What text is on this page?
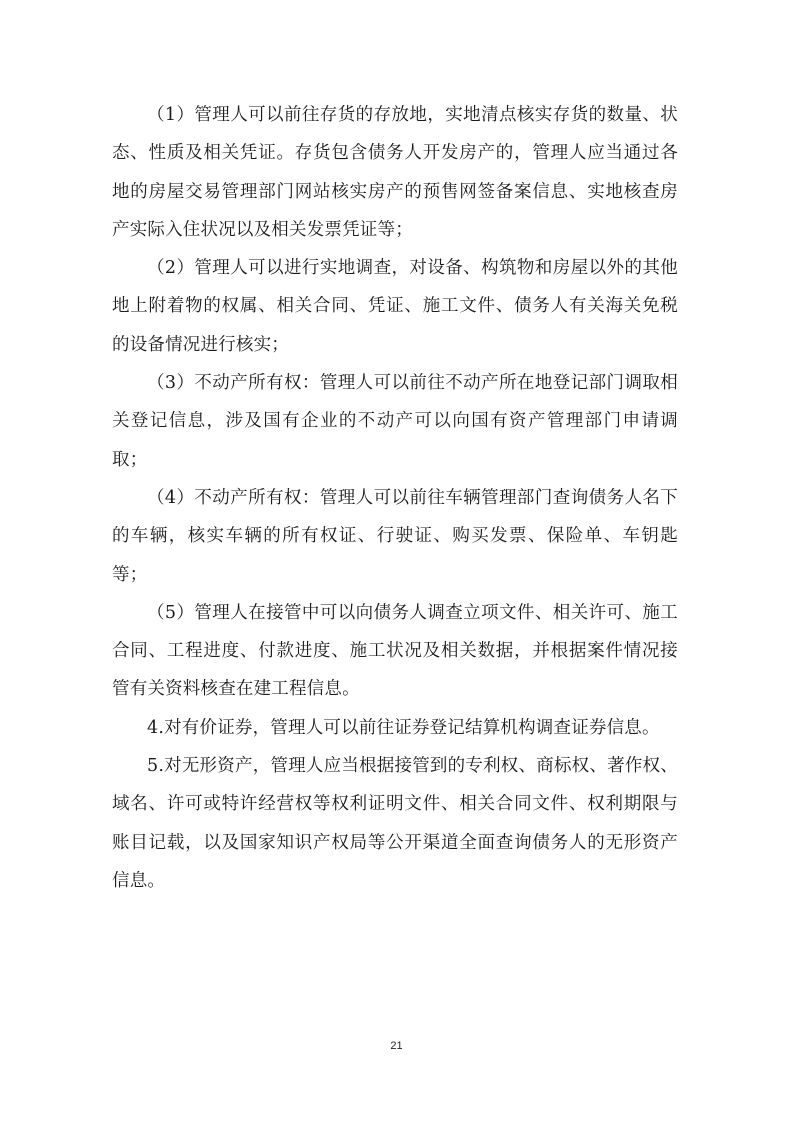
（1）管理人可以前往存货的存放地，实地清点核实存货的数量、状态、性质及相关凭证。存货包含债务人开发房产的，管理人应当通过各地的房屋交易管理部门网站核实房产的预售网签备案信息、实地核查房产实际入住状况以及相关发票凭证等；

（2）管理人可以进行实地调查，对设备、构筑物和房屋以外的其他地上附着物的权属、相关合同、凭证、施工文件、债务人有关海关免税的设备情况进行核实；

（3）不动产所有权：管理人可以前往不动产所在地登记部门调取相关登记信息，涉及国有企业的不动产可以向国有资产管理部门申请调取；

（4）不动产所有权：管理人可以前往车辆管理部门查询债务人名下的车辆，核实车辆的所有权证、行驶证、购买发票、保险单、车钥匙等；

（5）管理人在接管中可以向债务人调查立项文件、相关许可、施工合同、工程进度、付款进度、施工状况及相关数据，并根据案件情况接管有关资料核查在建工程信息。

4.对有价证券，管理人可以前往证券登记结算机构调查证券信息。

5.对无形资产，管理人应当根据接管到的专利权、商标权、著作权、域名、许可或特许经营权等权利证明文件、相关合同文件、权利期限与账目记载，以及国家知识产权局等公开渠道全面查询债务人的无形资产信息。

21
